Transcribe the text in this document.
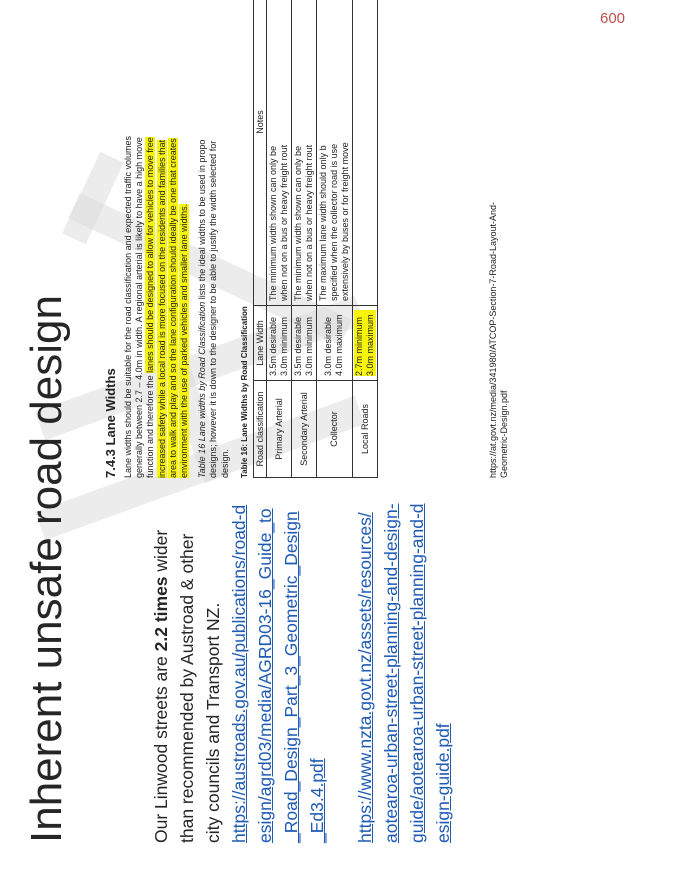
600
Inherent unsafe road design	Our Linwood streets are 2.2 times wider than recommended by Austroad & other city councils and Transport NZ. https://austroads.gov.au/publications/road-design/agrd03/media/AGRD03-16_Guide_to_Road_Design_Part_3_Geometric_Design_Ed3.4.pdf https://www.nzta.govt.nz/assets/resources/aotearoa-urban-street-planning-and-design-guide/aotearoa-urban-street-planning-and-design-guide.pdf

7.4.3 Lane Widths Lane widths should be suitable for the road classification and expected traffic volumes generally between 2.7 – 4.0m in width. A regional arterial is likely to have a high move function and therefore the lanes should be designed to allow for vehicles to move free increased safety while a local road is more focused on the residents and families that area to walk and play and so the lane configuration should ideally be one that creates environment with the use of parked vehicles and smaller lane widths. Table 16 Lane widths by Road Classification lists the ideal widths to be used in propo designs; however it is down to the designer to be able to justify the width selected for design. Table 16: Lane Widths by Road Classification Road classification	Lane Width	Notes
Primary Arterial	3.5m desirable 3.0m minimum	The minimum width shown can only be when not on a bus or heavy freight rout

Secondary Arterial	3.5m desirable 3.0m minimum	The minimum width shown can only be when not on a bus or heavy freight rout

Collector	3.0m desirable 4.0m maximum	The maximum lane width should only b specified when the collector road is use extensively by buses or for freight move

Local Roads	2.7m minimum 3.0m maximum	
		https://at.govt.nz/media/341980/ATCOP-Section-7-Road-Layout-And-Geometric-Design.pdf
